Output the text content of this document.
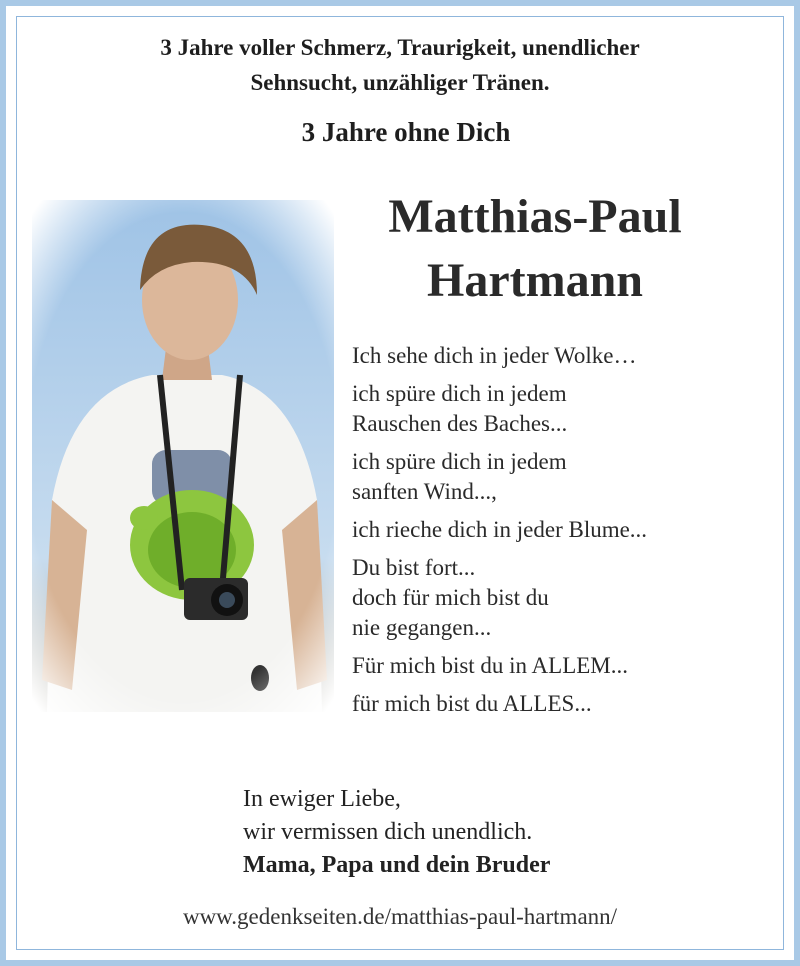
3 Jahre voller Schmerz, Traurigkeit, unendlicher
Sehnsucht, unzähliger Tränen.
3 Jahre ohne Dich
Matthias-Paul
Hartmann
Ich sehe dich in jeder Wolke…
ich spüre dich in jedem
Rauschen des Baches...
ich spüre dich in jedem
sanften Wind...,
ich rieche dich in jeder Blume...
Du bist fort...
doch für mich bist du
nie gegangen...
Für mich bist du in ALLEM...
für mich bist du ALLES...
In ewiger Liebe,
wir vermissen dich unendlich.
Mama, Papa und dein Bruder
www.gedenkseiten.de/matthias-paul-hartmann/
